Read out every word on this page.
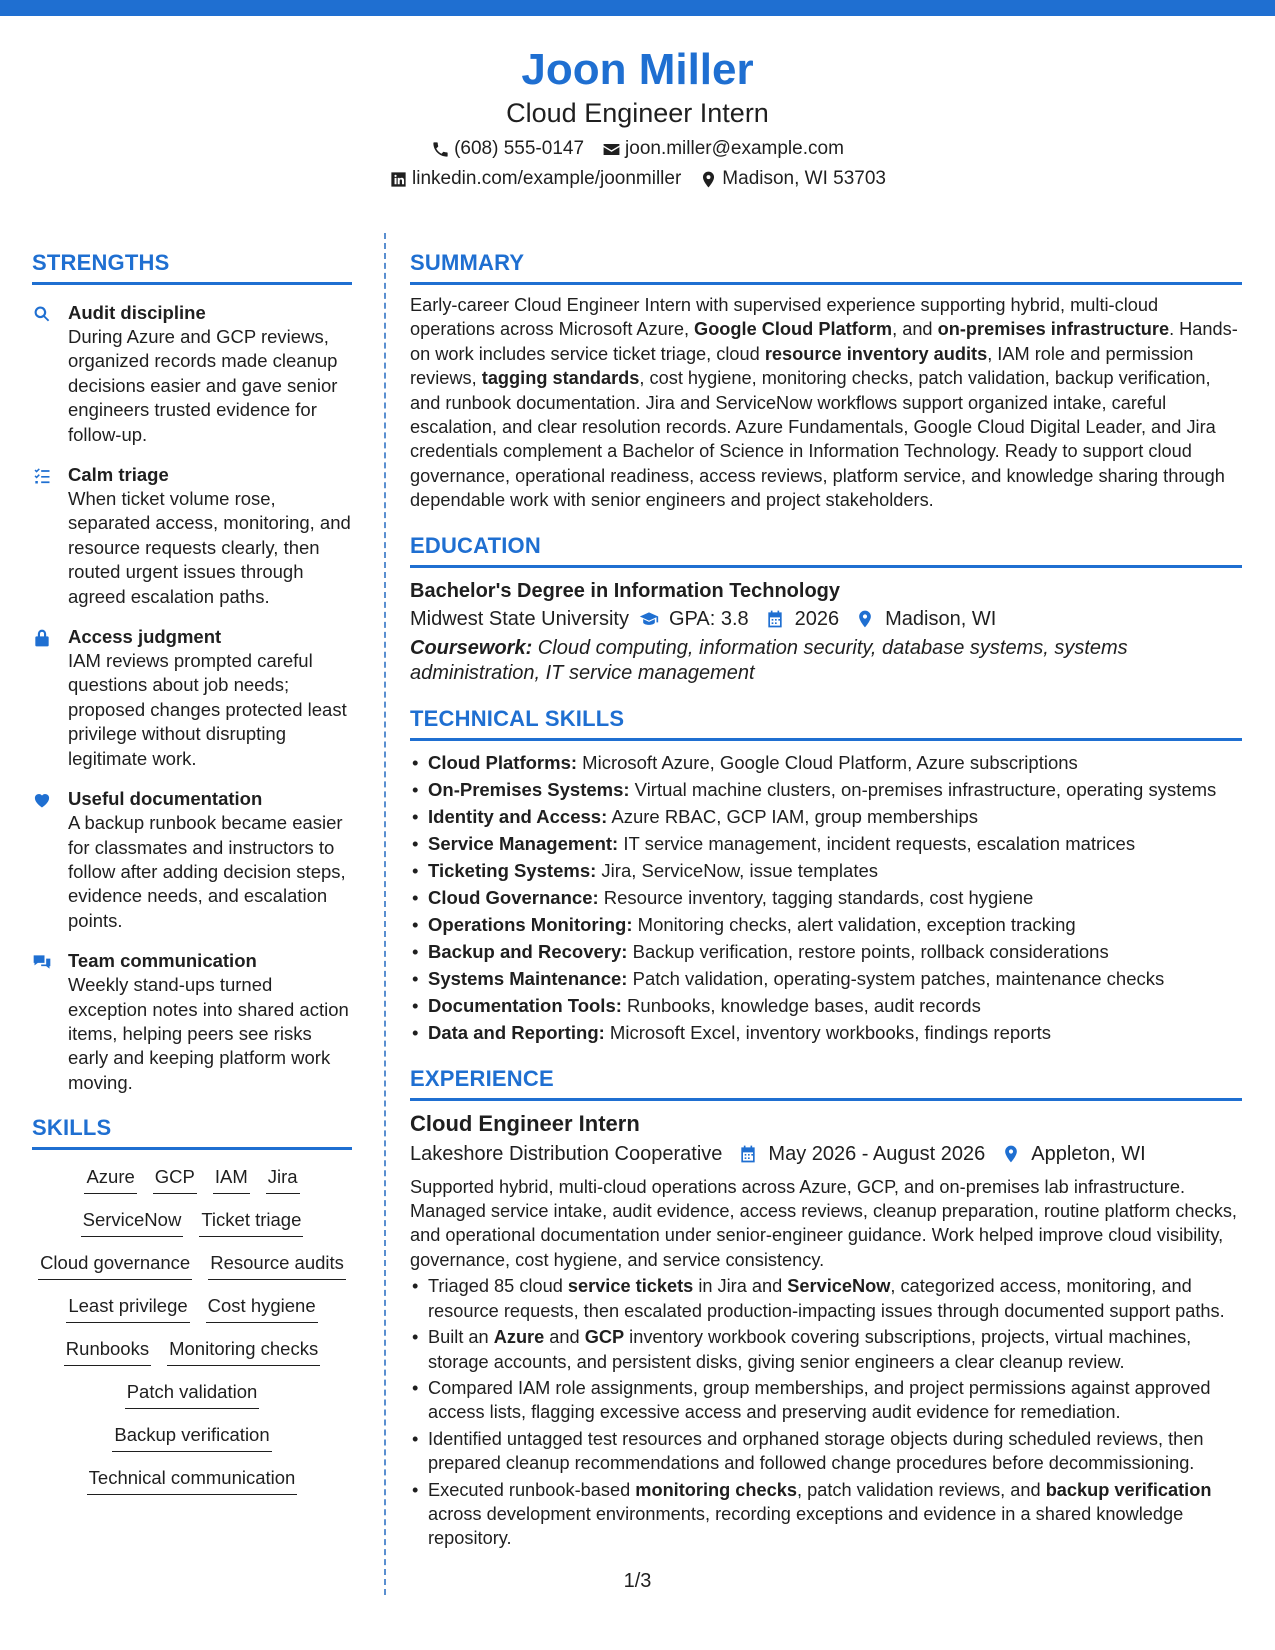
Joon Miller
Cloud Engineer Intern
(608) 555-0147 joon.miller@example.com
linkedin.com/example/joonmiller Madison, WI 53703
STRENGTHS
Audit discipline
During Azure and GCP reviews, organized records made cleanup decisions easier and gave senior engineers trusted evidence for follow-up.
Calm triage
When ticket volume rose, separated access, monitoring, and resource requests clearly, then routed urgent issues through agreed escalation paths.
Access judgment
IAM reviews prompted careful questions about job needs; proposed changes protected least privilege without disrupting legitimate work.
Useful documentation
A backup runbook became easier for classmates and instructors to follow after adding decision steps, evidence needs, and escalation points.
Team communication
Weekly stand-ups turned exception notes into shared action items, helping peers see risks early and keeping platform work moving.
SKILLS
Azure GCP IAM Jira
ServiceNow Ticket triage
Cloud governance Resource audits
Least privilege Cost hygiene
Runbooks Monitoring checks
Patch validation
Backup verification
Technical communication
SUMMARY

Early-career Cloud Engineer Intern with supervised experience supporting hybrid, multi-cloud operations across Microsoft Azure, Google Cloud Platform, and on-premises infrastructure. Hands-on work includes service ticket triage, cloud resource inventory audits, IAM role and permission reviews, tagging standards, cost hygiene, monitoring checks, patch validation, backup verification, and runbook documentation. Jira and ServiceNow workflows support organized intake, careful escalation, and clear resolution records. Azure Fundamentals, Google Cloud Digital Leader, and Jira credentials complement a Bachelor of Science in Information Technology. Ready to support cloud governance, operational readiness, access reviews, platform service, and knowledge sharing through dependable work with senior engineers and project stakeholders.

EDUCATION
Bachelor's Degree in Information Technology
Midwest State University GPA: 3.8 2026 Madison, WI
Coursework: Cloud computing, information security, database systems, systems administration, IT service management
TECHNICAL SKILLS
• Cloud Platforms: Microsoft Azure, Google Cloud Platform, Azure subscriptions
• On-Premises Systems: Virtual machine clusters, on-premises infrastructure, operating systems
• Identity and Access: Azure RBAC, GCP IAM, group memberships
• Service Management: IT service management, incident requests, escalation matrices
• Ticketing Systems: Jira, ServiceNow, issue templates
• Cloud Governance: Resource inventory, tagging standards, cost hygiene
• Operations Monitoring: Monitoring checks, alert validation, exception tracking
• Backup and Recovery: Backup verification, restore points, rollback considerations
• Systems Maintenance: Patch validation, operating-system patches, maintenance checks
• Documentation Tools: Runbooks, knowledge bases, audit records
• Data and Reporting: Microsoft Excel, inventory workbooks, findings reports
EXPERIENCE
Cloud Engineer Intern
Lakeshore Distribution Cooperative May 2026 - August 2026 Appleton, WI

Supported hybrid, multi-cloud operations across Azure, GCP, and on-premises lab infrastructure. Managed service intake, audit evidence, access reviews, cleanup preparation, routine platform checks, and operational documentation under senior-engineer guidance. Work helped improve cloud visibility, governance, cost hygiene, and service consistency.

• Triaged 85 cloud service tickets in Jira and ServiceNow, categorized access, monitoring, and resource requests, then escalated production-impacting issues through documented support paths.
• Built an Azure and GCP inventory workbook covering subscriptions, projects, virtual machines, storage accounts, and persistent disks, giving senior engineers a clear cleanup review.
• Compared IAM role assignments, group memberships, and project permissions against approved access lists, flagging excessive access and preserving audit evidence for remediation.
• Identified untagged test resources and orphaned storage objects during scheduled reviews, then prepared cleanup recommendations and followed change procedures before decommissioning.
• Executed runbook-based monitoring checks, patch validation reviews, and backup verification across development environments, recording exceptions and evidence in a shared knowledge repository.
1/3
